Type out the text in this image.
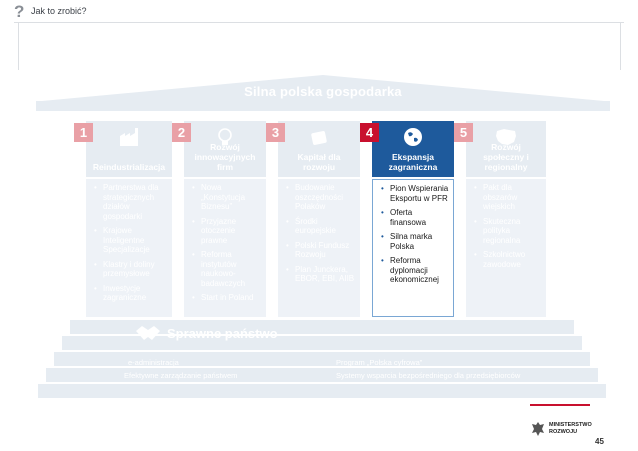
? Jak to zrobić?
Silna polska gospodarka
1
Reindustrializacja
• Partnerstwa dla strategicznych działów gospodarki
• Krajowe Inteligentne Specjalizacje
• Klastry i doliny przemysłowe
• Inwestycje zagraniczne
2
Rozwój innowacyjnych firm
• Nowa „Konstytucja Biznesu”
• Przyjazne otoczenie prawne
• Reforma instytutów naukowo-badawczych
• Start in Poland
3
Kapitał dla rozwoju
• Budowanie oszczędności Polaków
• Środki europejskie
• Polski Fundusz Rozwoju
• Plan Junckera, EBOR, EBI, AIIB
4
Ekspansja zagraniczna
• Pion Wspierania Eksportu w PFR
• Oferta finansowa
• Silna marka Polska
• Reforma dyplomacji ekonomicznej
5
Rozwój społeczny i regionalny
• Pakt dla obszarów wiejskich
• Skuteczna polityka regionalna
• Szkolnictwo zawodowe
Sprawne państwo
e-administracja	Program „Polska cyfrowa”
Efektywne zarządzanie państwem	Systemy wsparcia bezpośredniego dla przedsiębiorców
MINISTERSTWO
ROZWOJU
45
